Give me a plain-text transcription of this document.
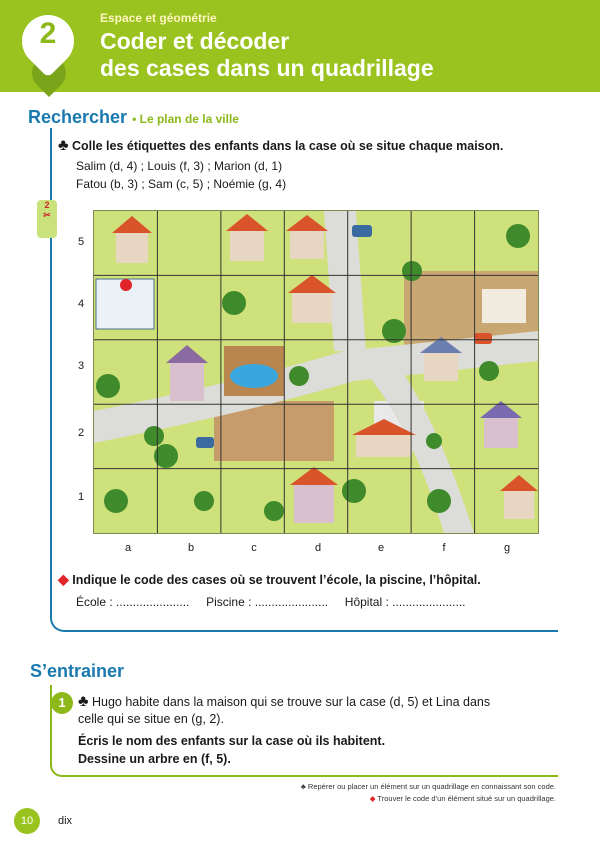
2	Espace et géométrie
Coder et décoder
des cases dans un quadrillage
Rechercher • Le plan de la ville
♣ Colle les étiquettes des enfants dans la case où se situe chaque maison.
Salim (d, 4) ; Louis (f, 3) ; Marion (d, 1)
Fatou (b, 3) ; Sam (c, 5) ; Noémie (g, 4)
2
✂
5
4
3
2
1
a	b	c	d	e	f	g
◆ Indique le code des cases où se trouvent l’école, la piscine, l’hôpital.
École : ...................... Piscine : ...................... Hôpital : ......................
S’entrainer
1 ♣ Hugo habite dans la maison qui se trouve sur la case (d, 5) et Lina dans
celle qui se situe en (g, 2).
Écris le nom des enfants sur la case où ils habitent.
Dessine un arbre en (f, 5).
♣ Repérer ou placer un élément sur un quadrillage en connaissant son code.
◆ Trouver le code d’un élément situé sur un quadrillage.
10	dix
